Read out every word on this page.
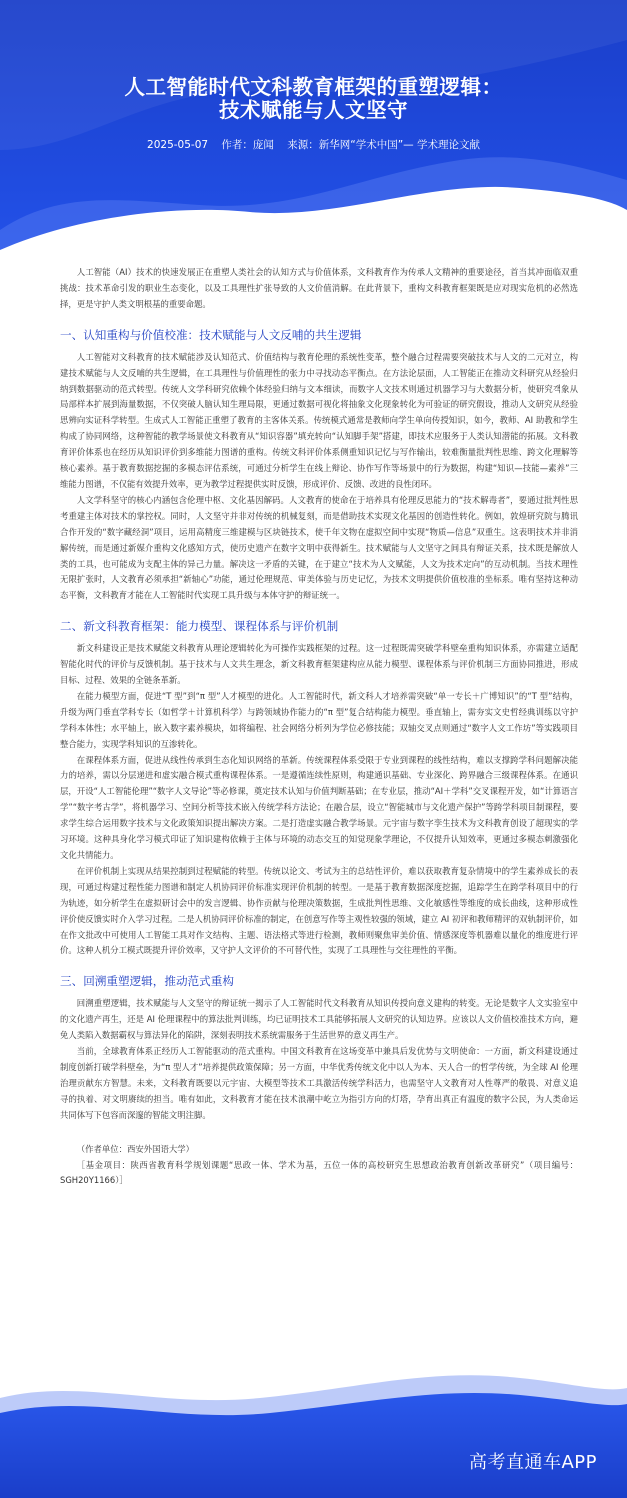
人工智能时代文科教育框架的重塑逻辑：
技术赋能与人文坚守
2025-05-07 作者：庞闻 来源：新华网“学术中国”— 学术理论文献

人工智能（AI）技术的快速发展正在重塑人类社会的认知方式与价值体系，文科教育作为传承人文精神的重要途径，首当其冲面临双重挑战：技术革命引发的职业生态变化，以及工具理性扩张导致的人文价值消解。在此背景下，重构文科教育框架既是应对现实危机的必然选择，更是守护人类文明根基的重要命题。

一、认知重构与价值校准：技术赋能与人文反哺的共生逻辑

人工智能对文科教育的技术赋能涉及认知范式、价值结构与教育伦理的系统性变革，整个融合过程需要突破技术与人文的二元对立，构建技术赋能与人文反哺的共生逻辑，在工具理性与价值理性的张力中寻找动态平衡点。在方法论层面，人工智能正在推动文科研究从经验归纳到数据驱动的范式转型。传统人文学科研究依赖个体经验归纳与文本细读，而数字人文技术则通过机器学习与大数据分析，使研究객象从局部样本扩展到海量数据，不仅突破人脑认知生理局限，更通过数据可视化将抽象文化现象转化为可验证的研究假设，推动人文研究从经验思辨向实证科学转型。生成式人工智能正重塑了教育的主客体关系。传统模式通常是教师向学生单向传授知识，如今，教师、AI 助教和学生构成了协同网络，这种智能的教学场景使文科教育从“知识容器”填充转向“认知脚手架”搭建，即技术应服务于人类认知潜能的拓展。文科教育评价体系也在经历从知识评价到多维能力图谱的重构。传统文科评价体系侧重知识记忆与写作输出，较难衡量批判性思维、跨文化理解等核心素养。基于教育数据挖掘的多模态评估系统，可通过分析学生在线上辩论、协作写作等场景中的行为数据，构建“知识—技能—素养”三维能力图谱，不仅能有效提升效率，更为教学过程提供实时反馈，形成评价、反馈、改进的良性闭环。

人文学科坚守的核心内涵包含伦理中枢、文化基因解码。人文教育的使命在于培养具有伦理反思能力的“技术解毒者”，要通过批判性思考重建主体对技术的掌控权。同时，人文坚守并非对传统的机械复刻，而是借助技术实现文化基因的创造性转化。例如，敦煌研究院与腾讯合作开发的“数字藏经洞”项目，运用高精度三维建模与区块链技术，使千年文物在虚拟空间中实现“物质—信息”双重生。这表明技术并非消解传统，而是通过新媒介重构文化感知方式，使历史遗产在数字文明中获得新生。技术赋能与人文坚守之间具有辩证关系，技术既是解放人类的工具，也可能成为支配主体的异己力量。解决这一矛盾的关键，在于建立“技术为人文赋能，人文为技术定向”的互动机制。当技术理性无限扩张时，人文教育必须承担“新轴心”功能，通过伦理规范、审美体验与历史记忆，为技术文明提供价值校准的坐标系。唯有坚持这种动态平衡，文科教育才能在人工智能时代实现工具升级与本体守护的辩证统一。

二、新文科教育框架：能力模型、课程体系与评价机制

新文科建设正是技术赋能文科教育从理论逻辑转化为可操作实践框架的过程。这一过程既需突破学科壁垒重构知识体系，亦需建立适配智能化时代的评价与反馈机制。基于技术与人文共生理念，新文科教育框架建构应从能力模型、课程体系与评价机制三方面协同推进，形成目标、过程、效果的全链条革新。

在能力模型方面，促进“T 型”到“π 型”人才模型的进化。人工智能时代，新文科人才培养需突破“单一专长＋广博知识”的“T 型”结构，升级为两门垂直学科专长（如哲学＋计算机科学）与跨领域协作能力的“π 型”复合结构能力模型。垂直轴上，需夯实文史哲经典训练以守护学科本体性；水平轴上，嵌入数字素养模块，如将编程、社会网络分析列为学位必修技能；双轴交叉点则通过“数字人文工作坊”等实践项目整合能力，实现学科知识的互渗转化。

在课程体系方面，促进从线性传承到生态化知识网络的革新。传统课程体系受限于专业到课程的线性结构，难以支撑跨学科问题解决能力的培养，需以分层递进和虚实融合模式重构课程体系。一是遵循连续性原则，构建通识基础、专业深化、跨界融合三级课程体系。在通识层，开设“人工智能伦理”“数字人文导论”等必修课，奠定技术认知与价值判断基础；在专业层，推动“AI＋学科”交叉课程开发，如“计算语言学”“数字考古学”，将机器学习、空间分析等技术嵌入传统学科方法论；在融合层，设立“智能城市与文化遗产保护”等跨学科项目制课程，要求学生综合运用数字技术与文化政策知识提出解决方案。二是打造虚实融合教学场景。元宇宙与数字孪生技术为文科教育创设了超现实的学习环境。这种具身化学习模式印证了知识建构依赖于主体与环境的动态交互的知觉现象学理论，不仅提升认知效率，更通过多模态刺激强化文化共情能力。

在评价机制上实现从结果控制到过程赋能的转型。传统以论文、考试为主的总结性评价，难以获取教育复杂情境中的学生素养成长的表现，可通过构建过程性能力图谱和制定人机协同评价标准实现评价机制的转型。一是基于教育数据深度挖掘，追踪学生在跨学科项目中的行为轨迹，如分析学生在虚拟研讨会中的发言逻辑、协作贡献与伦理决策数据，生成批判性思维、文化敏感性等维度的成长曲线，这种形成性评价使反馈实时介入学习过程。二是人机协同评价标准的制定，在创意写作等主观性较强的领域，建立 AI 初评和教师精评的双轨制评价，如在作文批改中可使用人工智能工具对作文结构、主题、语法格式等进行检测，教师则聚焦审美价值、情感深度等机器难以量化的维度进行评价。这种人机分工模式既提升评价效率，又守护人文评价的不可替代性，实现了工具理性与交往理性的平衡。

三、回溯重塑逻辑，推动范式重构

回溯重塑逻辑，技术赋能与人文坚守的辩证统一揭示了人工智能时代文科教育从知识传授向意义建构的转变。无论是数字人文实验室中的文化遗产再生，还是 AI 伦理课程中的算法批判训练，均已证明技术工具能够拓展人文研究的认知边界。应该以人文价值校准技术方向，避免人类陷入数据霸权与算法异化的陷阱，深刻表明技术系统需服务于生活世界的意义再生产。

当前，全球教育体系正经历人工智能驱动的范式重构。中国文科教育在这场变革中兼具后发优势与文明使命：一方面，新文科建设通过制度创新打破学科壁垒，为“π 型人才”培养提供政策保障；另一方面，中华优秀传统文化中以人为本、天人合一的哲学传统，为全球 AI 伦理治理贡献东方智慧。未来，文科教育既要以元宇宙、大模型等技术工具激活传统学科活力，也需坚守人文教育对人性尊严的敬畏、对意义追寻的执着、对文明赓续的担当。唯有如此，文科教育才能在技术浪潮中屹立为指引方向的灯塔，孕育出真正有温度的数字公民，为人类命运共同体写下包容而深邃的智能文明注脚。

（作者单位：西安外国语大学）

［基金项目：陕西省教育科学规划课题“思政一体、学术为基，五位一体的高校研究生思想政治教育创新改革研究”（项目编号：SGH20Y1166）］

高考直通车APP
